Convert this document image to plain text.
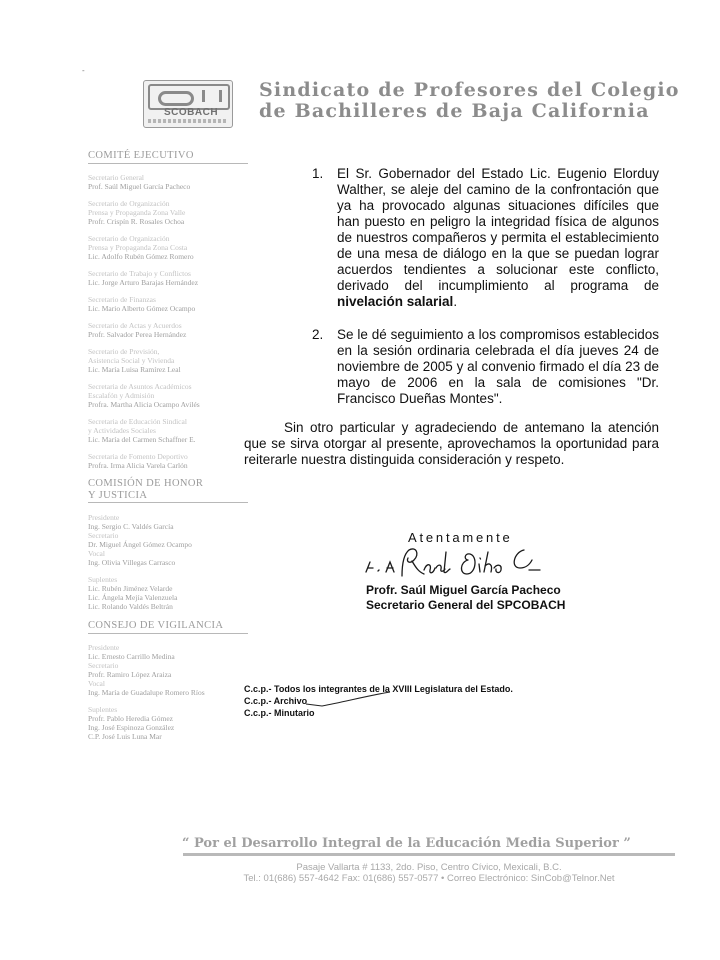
-
SCOBACH
Sindicato de Profesores del Colegio
de Bachilleres de Baja California
COMITÉ EJECUTIVO
Secretario General
Prof. Saúl Miguel García Pacheco
Secretario de Organización
Prensa y Propaganda Zona Valle
Profr. Crispín R. Rosales Ochoa
Secretario de Organización
Prensa y Propaganda Zona Costa
Lic. Adolfo Rubén Gómez Romero
Secretario de Trabajo y Conflictos
Lic. Jorge Arturo Barajas Hernández
Secretario de Finanzas
Lic. Mario Alberto Gómez Ocampo
Secretario de Actas y Acuerdos
Profr. Salvador Perea Hernández
Secretario de Previsión,
Asistencia Social y Vivienda
Lic. María Luisa Ramírez Leal
Secretaria de Asuntos Académicos
Escalafón y Admisión
Profra. Martha Alicia Ocampo Avilés
Secretaria de Educación Sindical
y Actividades Sociales
Lic. María del Carmen Schaffner E.
Secretaria de Fomento Deportivo
Profra. Irma Alicia Varela Carlón
COMISIÓN DE HONOR
Y JUSTICIA
Presidente
Ing. Sergio C. Valdés García
Secretario
Dr. Miguel Ángel Gómez Ocampo
Vocal
Ing. Olivia Villegas Carrasco
Suplentes
Lic. Rubén Jiménez Velarde
Lic. Ángela Mejía Valenzuela
Lic. Rolando Valdés Beltrán
CONSEJO DE VIGILANCIA
Presidente
Lic. Ernesto Carrillo Medina
Secretario
Profr. Ramiro López Araiza
Vocal
Ing. María de Guadalupe Romero Ríos
Suplentes
Profr. Pablo Heredia Gómez
Ing. José Espinoza González
C.P. José Luis Luna Mar
1. El Sr. Gobernador del Estado Lic. Eugenio Elorduy Walther, se aleje del camino de la confrontación que ya ha provocado algunas situaciones difíciles que han puesto en peligro la integridad física de algunos de nuestros compañeros y permita el establecimiento de una mesa de diálogo en la que se puedan lograr acuerdos tendientes a solucionar este conflicto, derivado del incumplimiento al programa de nivelación salarial.
2. Se le dé seguimiento a los compromisos establecidos en la sesión ordinaria celebrada el día jueves 24 de noviembre de 2005 y al convenio firmado el día 23 de mayo de 2006 en la sala de comisiones "Dr. Francisco Dueñas Montes".
Sin otro particular y agradeciendo de antemano la atención que se sirva otorgar al presente, aprovechamos la oportunidad para reiterarle nuestra distinguida consideración y respeto.
Atentamente
Profr. Saúl Miguel García Pacheco
Secretario General del SPCOBACH
C.c.p.- Todos los integrantes de la XVIII Legislatura del Estado.
C.c.p.- Archivo
C.c.p.- Minutario
“ Por el Desarrollo Integral de la Educación Media Superior ”
Pasaje Vallarta # 1133, 2do. Piso, Centro Cívico, Mexicali, B.C.
Tel.: 01(686) 557-4642 Fax: 01(686) 557-0577 • Correo Electrónico: SinCob@Telnor.Net
